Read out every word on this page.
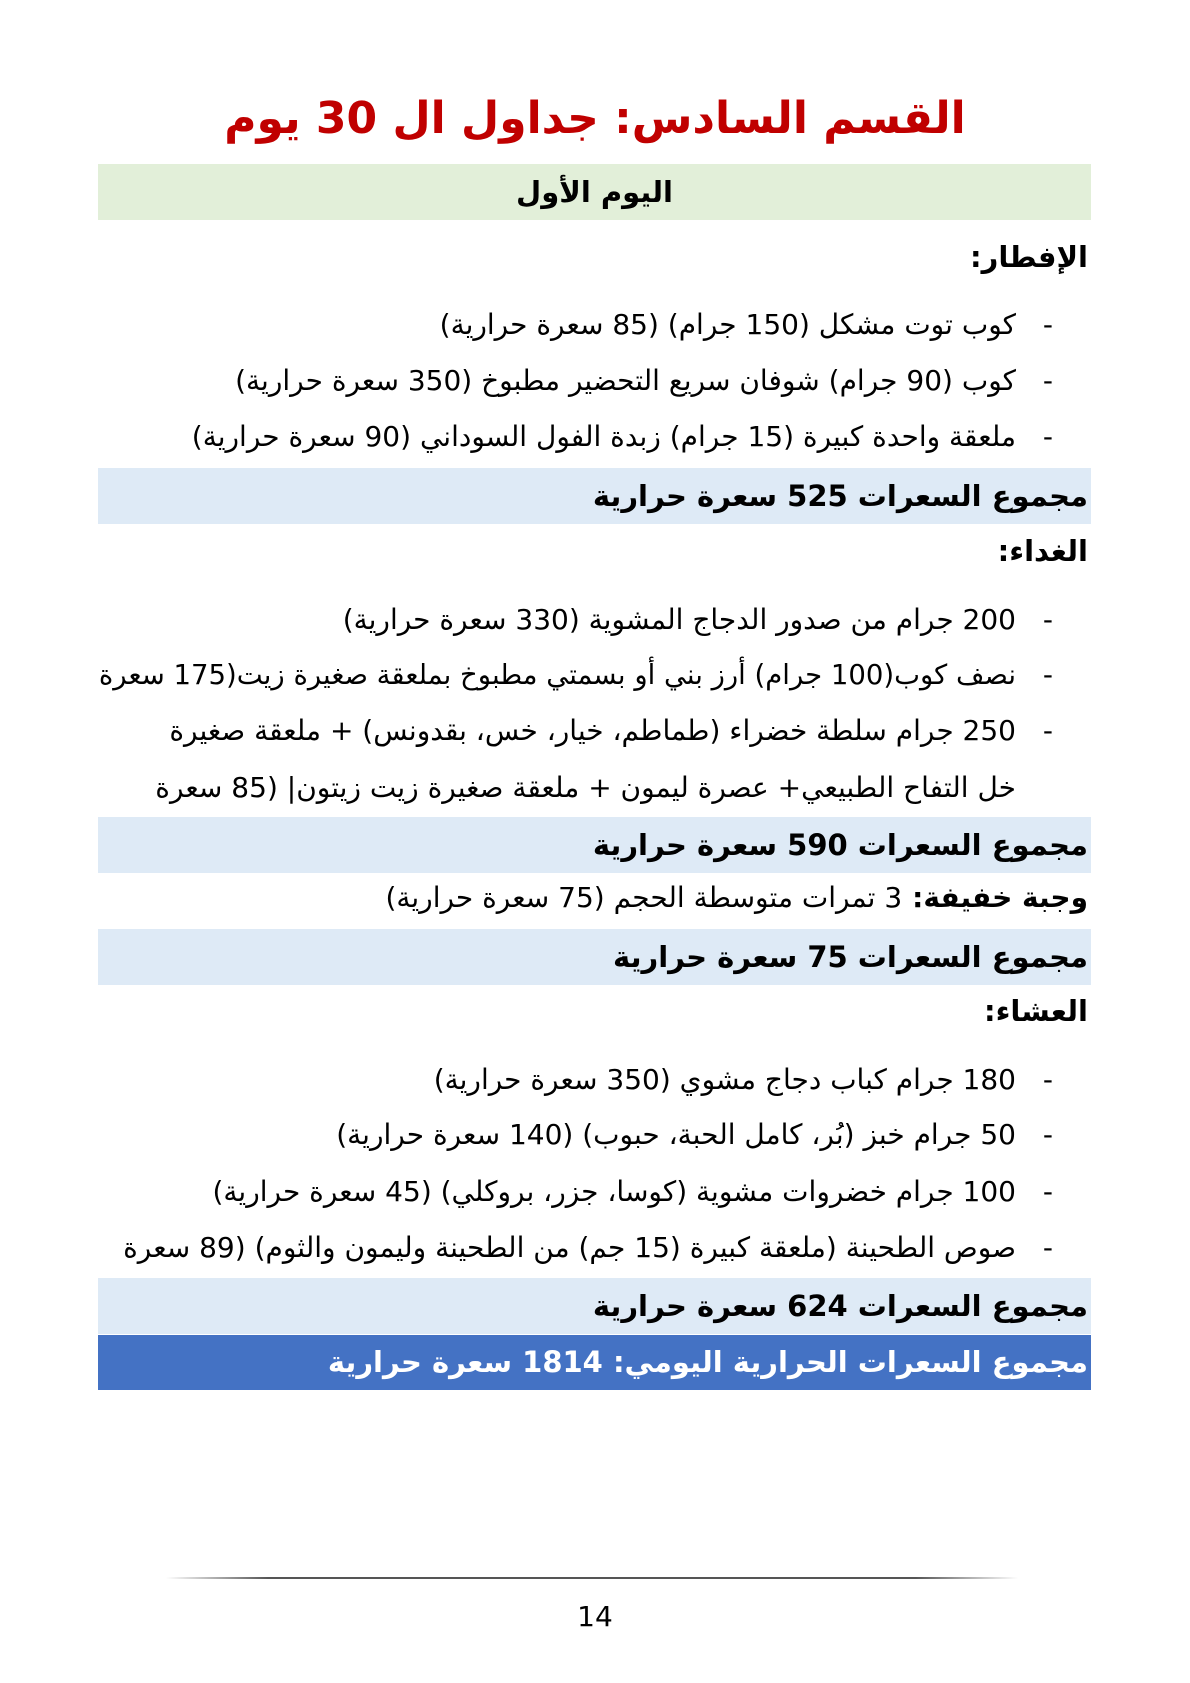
القسم السادس: جداول ال 30 يوم
اليوم الأول
الإفطار:
-
كوب توت مشكل (150 جرام) (85 سعرة حرارية)
-
كوب (90 جرام) شوفان سريع التحضير مطبوخ (350 سعرة حرارية)
-
ملعقة واحدة كبيرة (15 جرام) زبدة الفول السوداني (90 سعرة حرارية)
مجموع السعرات 525 سعرة حرارية
الغداء:
-
200 جرام من صدور الدجاج المشوية (330 سعرة حرارية)
-
نصف كوب(100 جرام) أرز بني أو بسمتي مطبوخ بملعقة صغيرة زيت(175 سعرة
-
250 جرام سلطة خضراء (طماطم، خيار، خس، بقدونس) + ملعقة صغيرة
خل التفاح الطبيعي+ عصرة ليمون + ملعقة صغيرة زيت زيتون| (85 سعرة
مجموع السعرات 590 سعرة حرارية
وجبة خفيفة:3 تمرات متوسطة الحجم (75 سعرة حرارية)
مجموع السعرات 75 سعرة حرارية
العشاء:
-
180 جرام كباب دجاج مشوي (350 سعرة حرارية)
-
50 جرام خبز (بُر، كامل الحبة، حبوب) (140 سعرة حرارية)
-
100 جرام خضروات مشوية (كوسا، جزر، بروكلي) (45 سعرة حرارية)
-
صوص الطحينة (ملعقة كبيرة (15 جم) من الطحينة وليمون والثوم) (89 سعرة
مجموع السعرات 624 سعرة حرارية
مجموع السعرات الحرارية اليومي: 1814 سعرة حرارية
14
